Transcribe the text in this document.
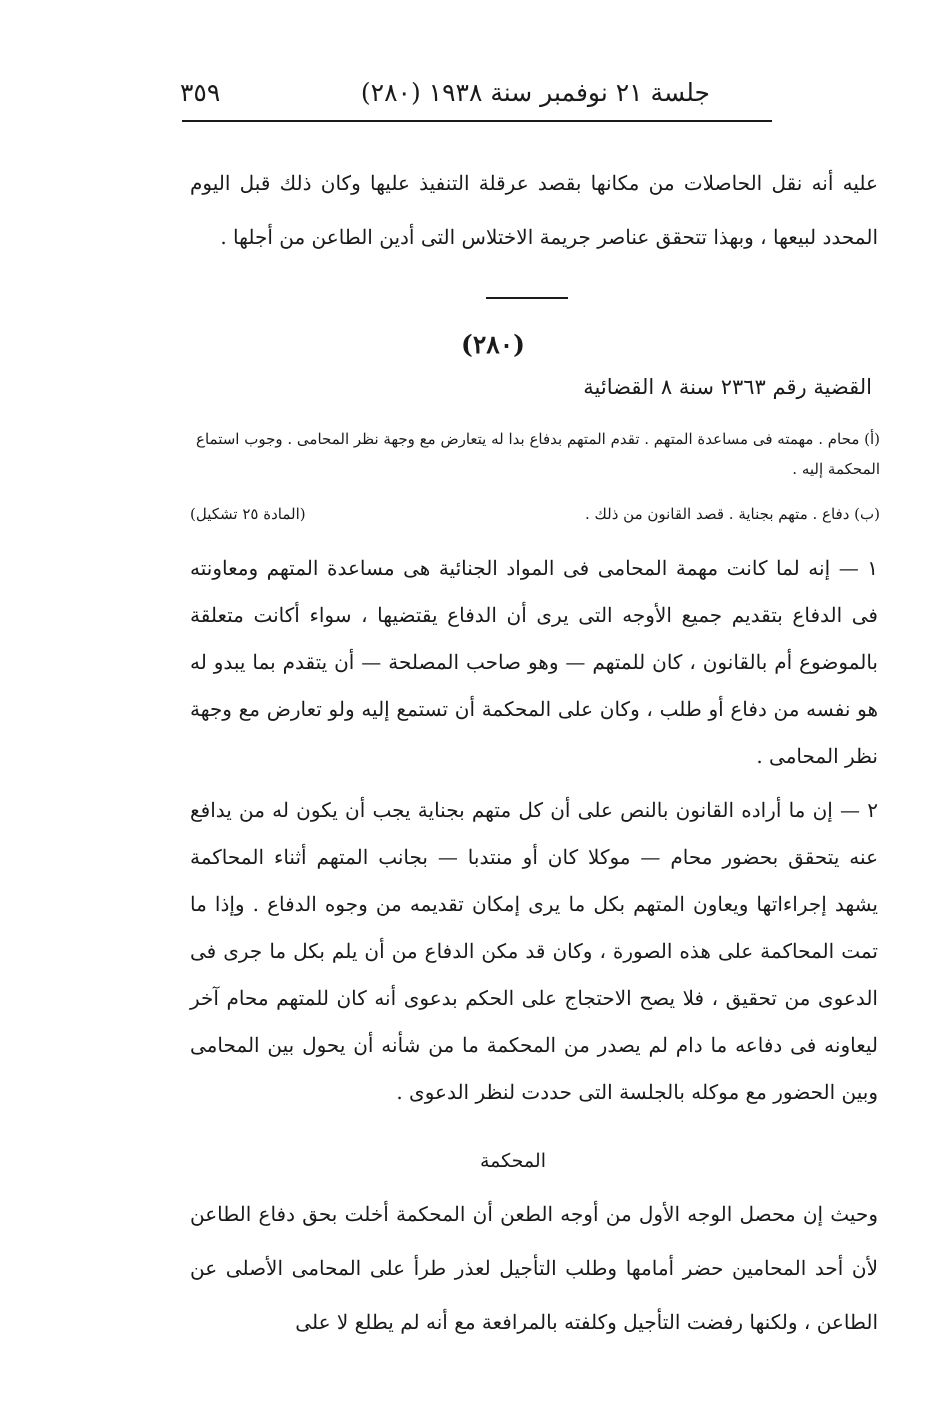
جلسة ٢١ نوفمبر سنة ١٩٣٨ (٢٨٠)
٣٥٩

عليه أنه نقل الحاصلات من مكانها بقصد عرقلة التنفيذ عليها وكان ذلك قبل اليوم المحدد لبيعها ، وبهذا تتحقق عناصر جريمة الاختلاس التى أدين الطاعن من أجلها .

(٢٨٠)
القضية رقم ٢٣٦٣ سنة ٨ القضائية
(أ) محام . مهمته فى مساعدة المتهم . تقدم المتهم بدفاع بدا له يتعارض مع وجهة نظر المحامى . وجوب استماع المحكمة إليه .
(ب) دفاع . متهم بجناية . قصد القانون من ذلك .
(المادة ٢٥ تشكيل)

١ — إنه لما كانت مهمة المحامى فى المواد الجنائية هى مساعدة المتهم ومعاونته فى الدفاع بتقديم جميع الأوجه التى يرى أن الدفاع يقتضيها ، سواء أكانت متعلقة بالموضوع أم بالقانون ، كان للمتهم — وهو صاحب المصلحة — أن يتقدم بما يبدو له هو نفسه من دفاع أو طلب ، وكان على المحكمة أن تستمع إليه ولو تعارض مع وجهة نظر المحامى .

٢ — إن ما أراده القانون بالنص على أن كل متهم بجناية يجب أن يكون له من يدافع عنه يتحقق بحضور محام — موكلا كان أو منتدبا — بجانب المتهم أثناء المحاكمة يشهد إجراءاتها ويعاون المتهم بكل ما يرى إمكان تقديمه من وجوه الدفاع . وإذا ما تمت المحاكمة على هذه الصورة ، وكان قد مكن الدفاع من أن يلم بكل ما جرى فى الدعوى من تحقيق ، فلا يصح الاحتجاج على الحكم بدعوى أنه كان للمتهم محام آخر ليعاونه فى دفاعه ما دام لم يصدر من المحكمة ما من شأنه أن يحول بين المحامى وبين الحضور مع موكله بالجلسة التى حددت لنظر الدعوى .

المحكمة

وحيث إن محصل الوجه الأول من أوجه الطعن أن المحكمة أخلت بحق دفاع الطاعن لأن أحد المحامين حضر أمامها وطلب التأجيل لعذر طرأ على المحامى الأصلى عن الطاعن ، ولكنها رفضت التأجيل وكلفته بالمرافعة مع أنه لم يطلع لا على
